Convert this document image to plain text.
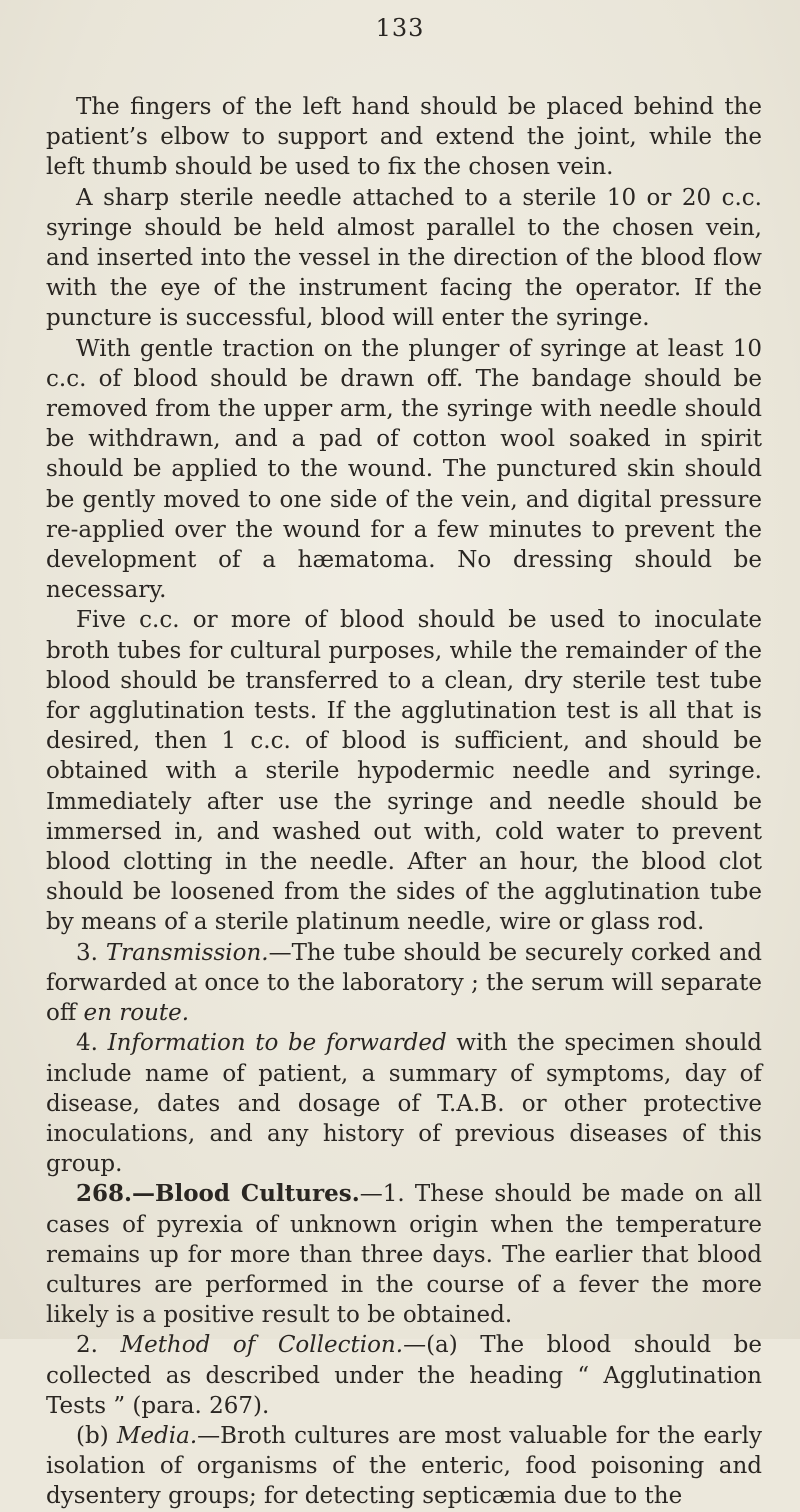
133

The fingers of the left hand should be placed behind the patient’s elbow to support and extend the joint, while the left thumb should be used to fix the chosen vein.

A sharp sterile needle attached to a sterile 10 or 20 c.c. syringe should be held almost parallel to the chosen vein, and inserted into the vessel in the direction of the blood flow with the eye of the instrument facing the operator. If the puncture is successful, blood will enter the syringe.

With gentle traction on the plunger of syringe at least 10 c.c. of blood should be drawn off. The bandage should be removed from the upper arm, the syringe with needle should be withdrawn, and a pad of cotton wool soaked in spirit should be applied to the wound. The punctured skin should be gently moved to one side of the vein, and digital pressure re-applied over the wound for a few minutes to prevent the development of a hæmatoma. No dressing should be necessary.

Five c.c. or more of blood should be used to inoculate broth tubes for cultural purposes, while the remainder of the blood should be transferred to a clean, dry sterile test tube for agglutination tests. If the agglutination test is all that is desired, then 1 c.c. of blood is sufficient, and should be obtained with a sterile hypodermic needle and syringe. Immediately after use the syringe and needle should be immersed in, and washed out with, cold water to prevent blood clotting in the needle. After an hour, the blood clot should be loosened from the sides of the agglutination tube by means of a sterile platinum needle, wire or glass rod.

3. Transmission.—The tube should be securely corked and forwarded at once to the laboratory ; the serum will separate off en route.

4. Information to be forwarded with the specimen should include name of patient, a summary of symptoms, day of disease, dates and dosage of T.A.B. or other protective inoculations, and any history of previous diseases of this group.

268.—Blood Cultures.—1. These should be made on all cases of pyrexia of unknown origin when the temperature remains up for more than three days. The earlier that blood cultures are performed in the course of a fever the more likely is a positive result to be obtained.

2. Method of Collection.—(a) The blood should be collected as described under the heading “ Agglutination Tests ” (para. 267).

(b) Media.—Broth cultures are most valuable for the early isolation of organisms of the enteric, food poisoning and dysentery groups; for detecting septicæmia due to the
